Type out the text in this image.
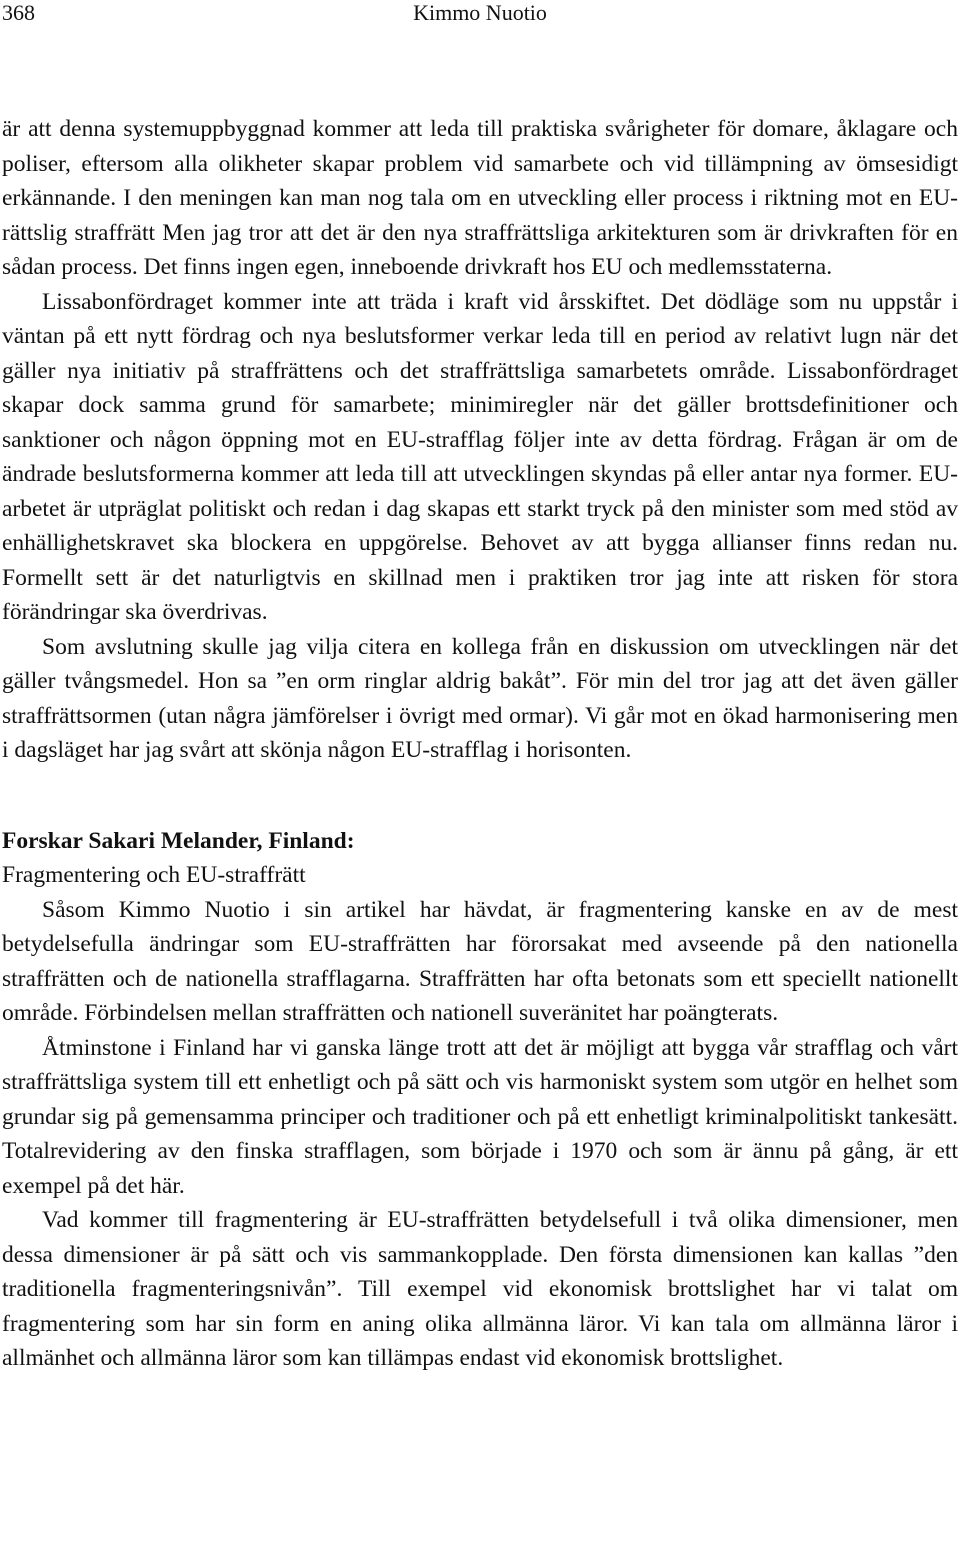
368	Kimmo Nuotio

är att denna systemuppbyggnad kommer att leda till praktiska svårigheter för domare, åklagare och poliser, eftersom alla olikheter skapar problem vid samarbete och vid tillämpning av ömsesidigt erkännande. I den meningen kan man nog tala om en utveckling eller process i riktning mot en EU-rättslig straffrätt Men jag tror att det är den nya straffrättsliga arkitekturen som är drivkraften för en sådan process. Det finns ingen egen, inneboende drivkraft hos EU och medlemsstaterna.

Lissabonfördraget kommer inte att träda i kraft vid årsskiftet. Det dödläge som nu uppstår i väntan på ett nytt fördrag och nya beslutsformer verkar leda till en period av relativt lugn när det gäller nya initiativ på straffrättens och det straffrättsliga samarbetets område. Lissabonfördraget skapar dock samma grund för samarbete; minimiregler när det gäller brottsdefinitioner och sanktioner och någon öppning mot en EU-strafflag följer inte av detta fördrag. Frågan är om de ändrade beslutsformerna kommer att leda till att utvecklingen skyndas på eller antar nya former. EU-arbetet är utpräglat politiskt och redan i dag skapas ett starkt tryck på den minister som med stöd av enhällighetskravet ska blockera en uppgörelse. Behovet av att bygga allianser finns redan nu. Formellt sett är det naturligtvis en skillnad men i praktiken tror jag inte att risken för stora förändringar ska överdrivas.

Som avslutning skulle jag vilja citera en kollega från en diskussion om utvecklingen när det gäller tvångsmedel. Hon sa ”en orm ringlar aldrig bakåt”. För min del tror jag att det även gäller straffrättsormen (utan några jämförelser i övrigt med ormar). Vi går mot en ökad harmonisering men i dagsläget har jag svårt att skönja någon EU-strafflag i horisonten.

Forskar Sakari Melander, Finland:

Fragmentering och EU-straffrätt

Såsom Kimmo Nuotio i sin artikel har hävdat, är fragmentering kanske en av de mest betydelsefulla ändringar som EU-straffrätten har förorsakat med avseende på den nationella straffrätten och de nationella strafflagarna. Straffrätten har ofta betonats som ett speciellt nationellt område. Förbindelsen mellan straffrätten och nationell suveränitet har poängterats.

Åtminstone i Finland har vi ganska länge trott att det är möjligt att bygga vår strafflag och vårt straffrättsliga system till ett enhetligt och på sätt och vis harmoniskt system som utgör en helhet som grundar sig på gemensamma principer och traditioner och på ett enhetligt kriminalpolitiskt tankesätt. Totalrevidering av den finska strafflagen, som började i 1970 och som är ännu på gång, är ett exempel på det här.

Vad kommer till fragmentering är EU-straffrätten betydelsefull i två olika dimensioner, men dessa dimensioner är på sätt och vis sammankopplade. Den första dimensionen kan kallas ”den traditionella fragmenteringsnivån”. Till exempel vid ekonomisk brottslighet har vi talat om fragmentering som har sin form en aning olika allmänna läror. Vi kan tala om allmänna läror i allmänhet och allmänna läror som kan tillämpas endast vid ekonomisk brottslighet.
